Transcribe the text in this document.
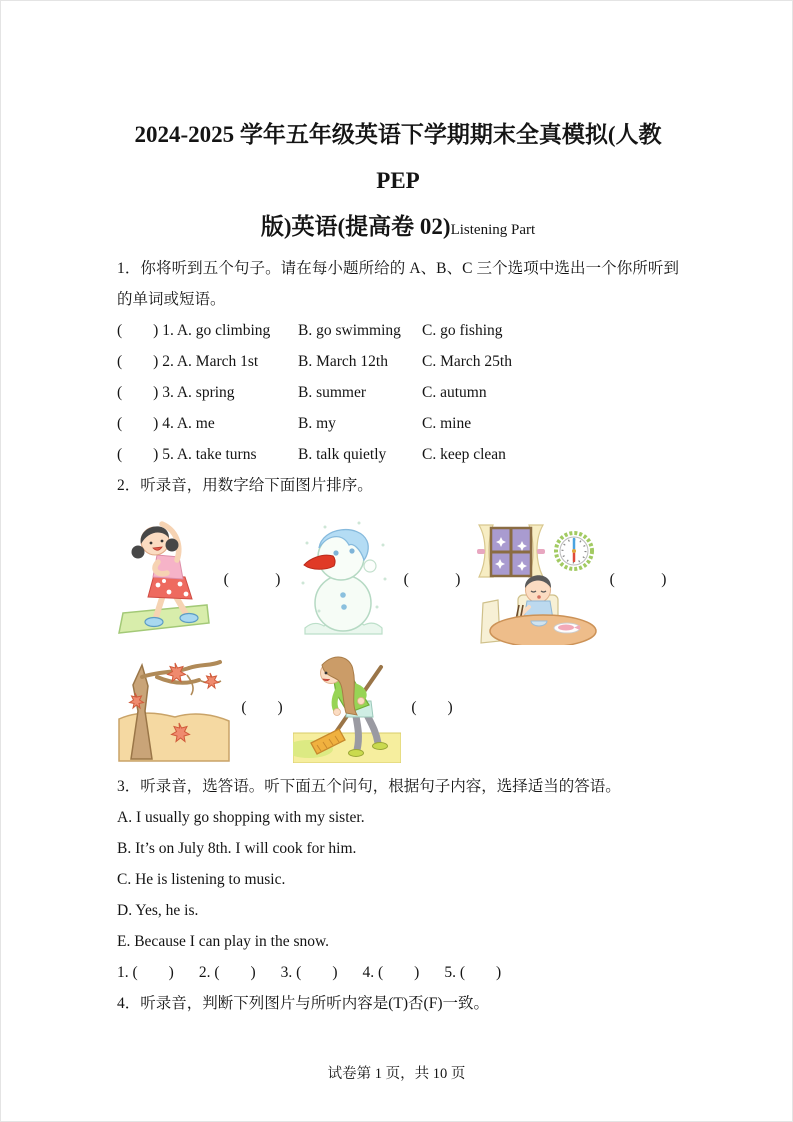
2024-2025 学年五年级英语下学期期末全真模拟(人教 PEP
版)英语(提高卷 02)Listening Part

1．你将听到五个句子。请在每小题所给的 A、B、C 三个选项中选出一个你所听到的单词或短语。

(        ) 1. A. go climbing	B. go swimming	C. go fishing
(        ) 2. A. March 1st	B. March 12th	C. March 25th
(        ) 3. A. spring	B. summer	C. autumn
(        ) 4. A. me	B. my	C. mine
(        ) 5. A. take turns	B. talk quietly	C. keep clean

2．听录音，用数字给下面图片排序。

(            )	(            )	(            )
(        )	(        )

3．听录音，选答语。听下面五个问句，根据句子内容，选择适当的答语。

A. I usually go shopping with my sister.

B. It’s on July 8th. I will cook for him.

C. He is listening to music.

D. Yes, he is.

E. Because I can play in the snow.

1. (        ) 2. (        ) 3. (        ) 4. (        ) 5. (        )

4．听录音，判断下列图片与所听内容是(T)否(F)一致。

试卷第 1 页，共 10 页
